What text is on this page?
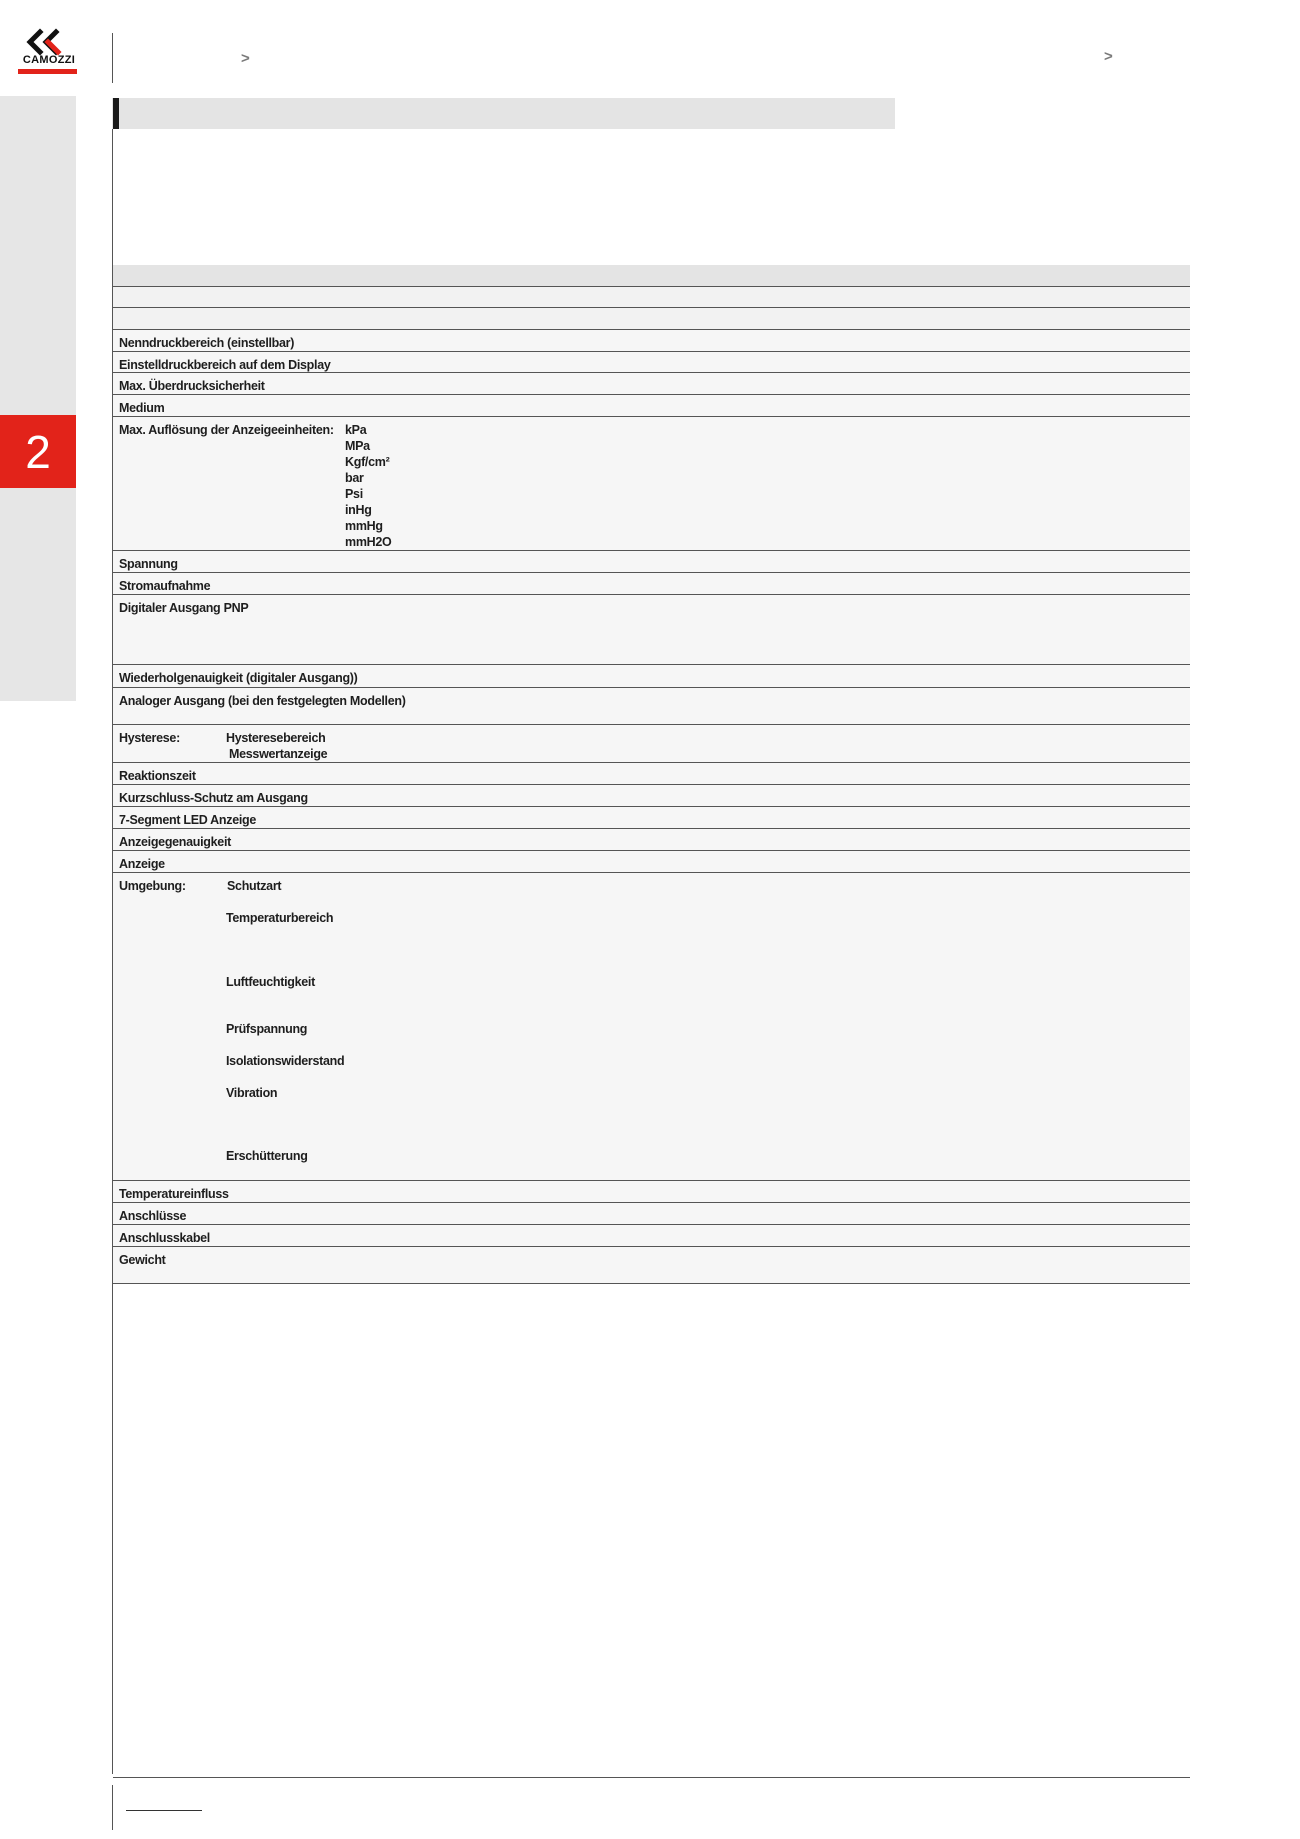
CAMOZZI
2
>	>
Nenndruckbereich (einstellbar)
Einstelldruckbereich auf dem Display
Max. Überdrucksicherheit
Medium
Max. Auflösung der Anzeigeeinheiten: kPa
MPa
Kgf/cm²
bar
Psi
inHg
mmHg
mmH2O
Spannung
Stromaufnahme
Digitaler Ausgang PNP
Wiederholgenauigkeit (digitaler Ausgang))
Analoger Ausgang (bei den festgelegten Modellen)
Hysterese:	Hysteresebereich
Messwertanzeige
Reaktionszeit
Kurzschluss-Schutz am Ausgang
7-Segment LED Anzeige
Anzeigegenauigkeit
Anzeige
Umgebung:	Schutzart
Temperaturbereich
Luftfeuchtigkeit
Prüfspannung
Isolationswiderstand
Vibration
Erschütterung
Temperatureinfluss
Anschlüsse
Anschlusskabel
Gewicht
